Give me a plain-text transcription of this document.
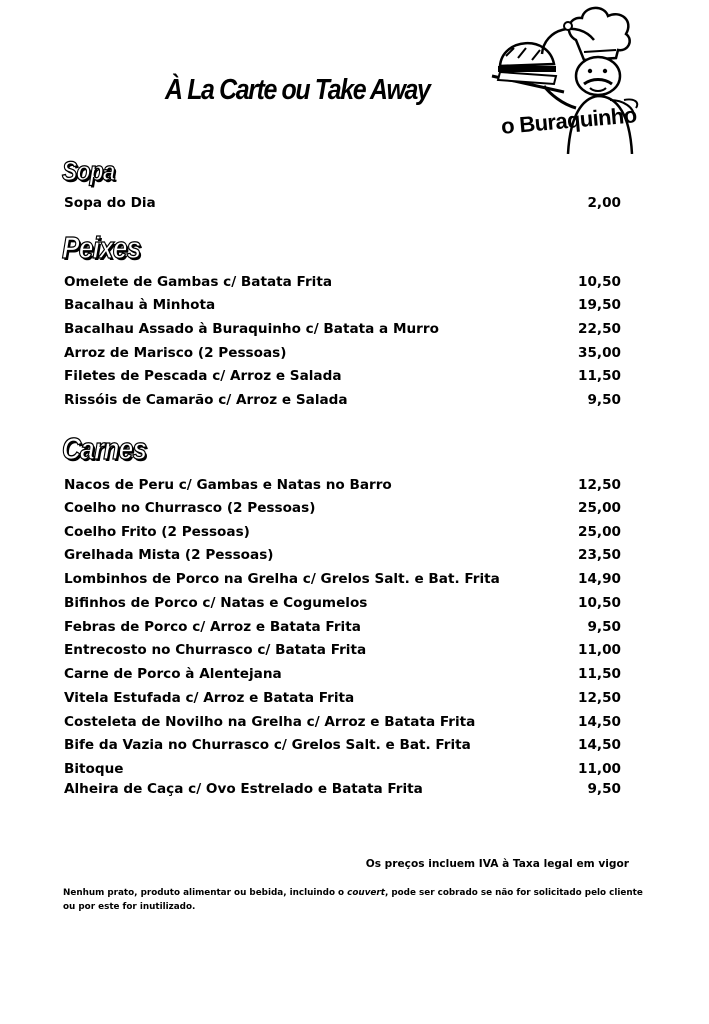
À La Carte ou Take Away
o Buraquinho
Sopa
Sopa do Dia	2,00
Peixes
Omelete de Gambas c/ Batata Frita	10,50
Bacalhau à Minhota	19,50
Bacalhau Assado à Buraquinho c/ Batata a Murro	22,50
Arroz de Marisco (2 Pessoas)	35,00
Filetes de Pescada c/ Arroz e Salada	11,50
Rissóis de Camarão c/ Arroz e Salada	9,50
Carnes
Nacos de Peru c/ Gambas e Natas no Barro	12,50
Coelho no Churrasco (2 Pessoas)	25,00
Coelho Frito (2 Pessoas)	25,00
Grelhada Mista (2 Pessoas)	23,50
Lombinhos de Porco na Grelha c/ Grelos Salt. e Bat. Frita	14,90
Bifinhos de Porco c/ Natas e Cogumelos	10,50
Febras de Porco c/ Arroz e Batata Frita	9,50
Entrecosto no Churrasco c/ Batata Frita	11,00
Carne de Porco à Alentejana	11,50
Vitela Estufada c/ Arroz e Batata Frita	12,50
Costeleta de Novilho na Grelha c/ Arroz e Batata Frita	14,50
Bife da Vazia no Churrasco c/ Grelos Salt. e Bat. Frita	14,50
Bitoque	11,00
Alheira de Caça c/ Ovo Estrelado e Batata Frita	9,50
Os preços incluem IVA à Taxa legal em vigor
Nenhum prato, produto alimentar ou bebida, incluindo o couvert, pode ser cobrado se não for solicitado pelo cliente ou por este for inutilizado.
